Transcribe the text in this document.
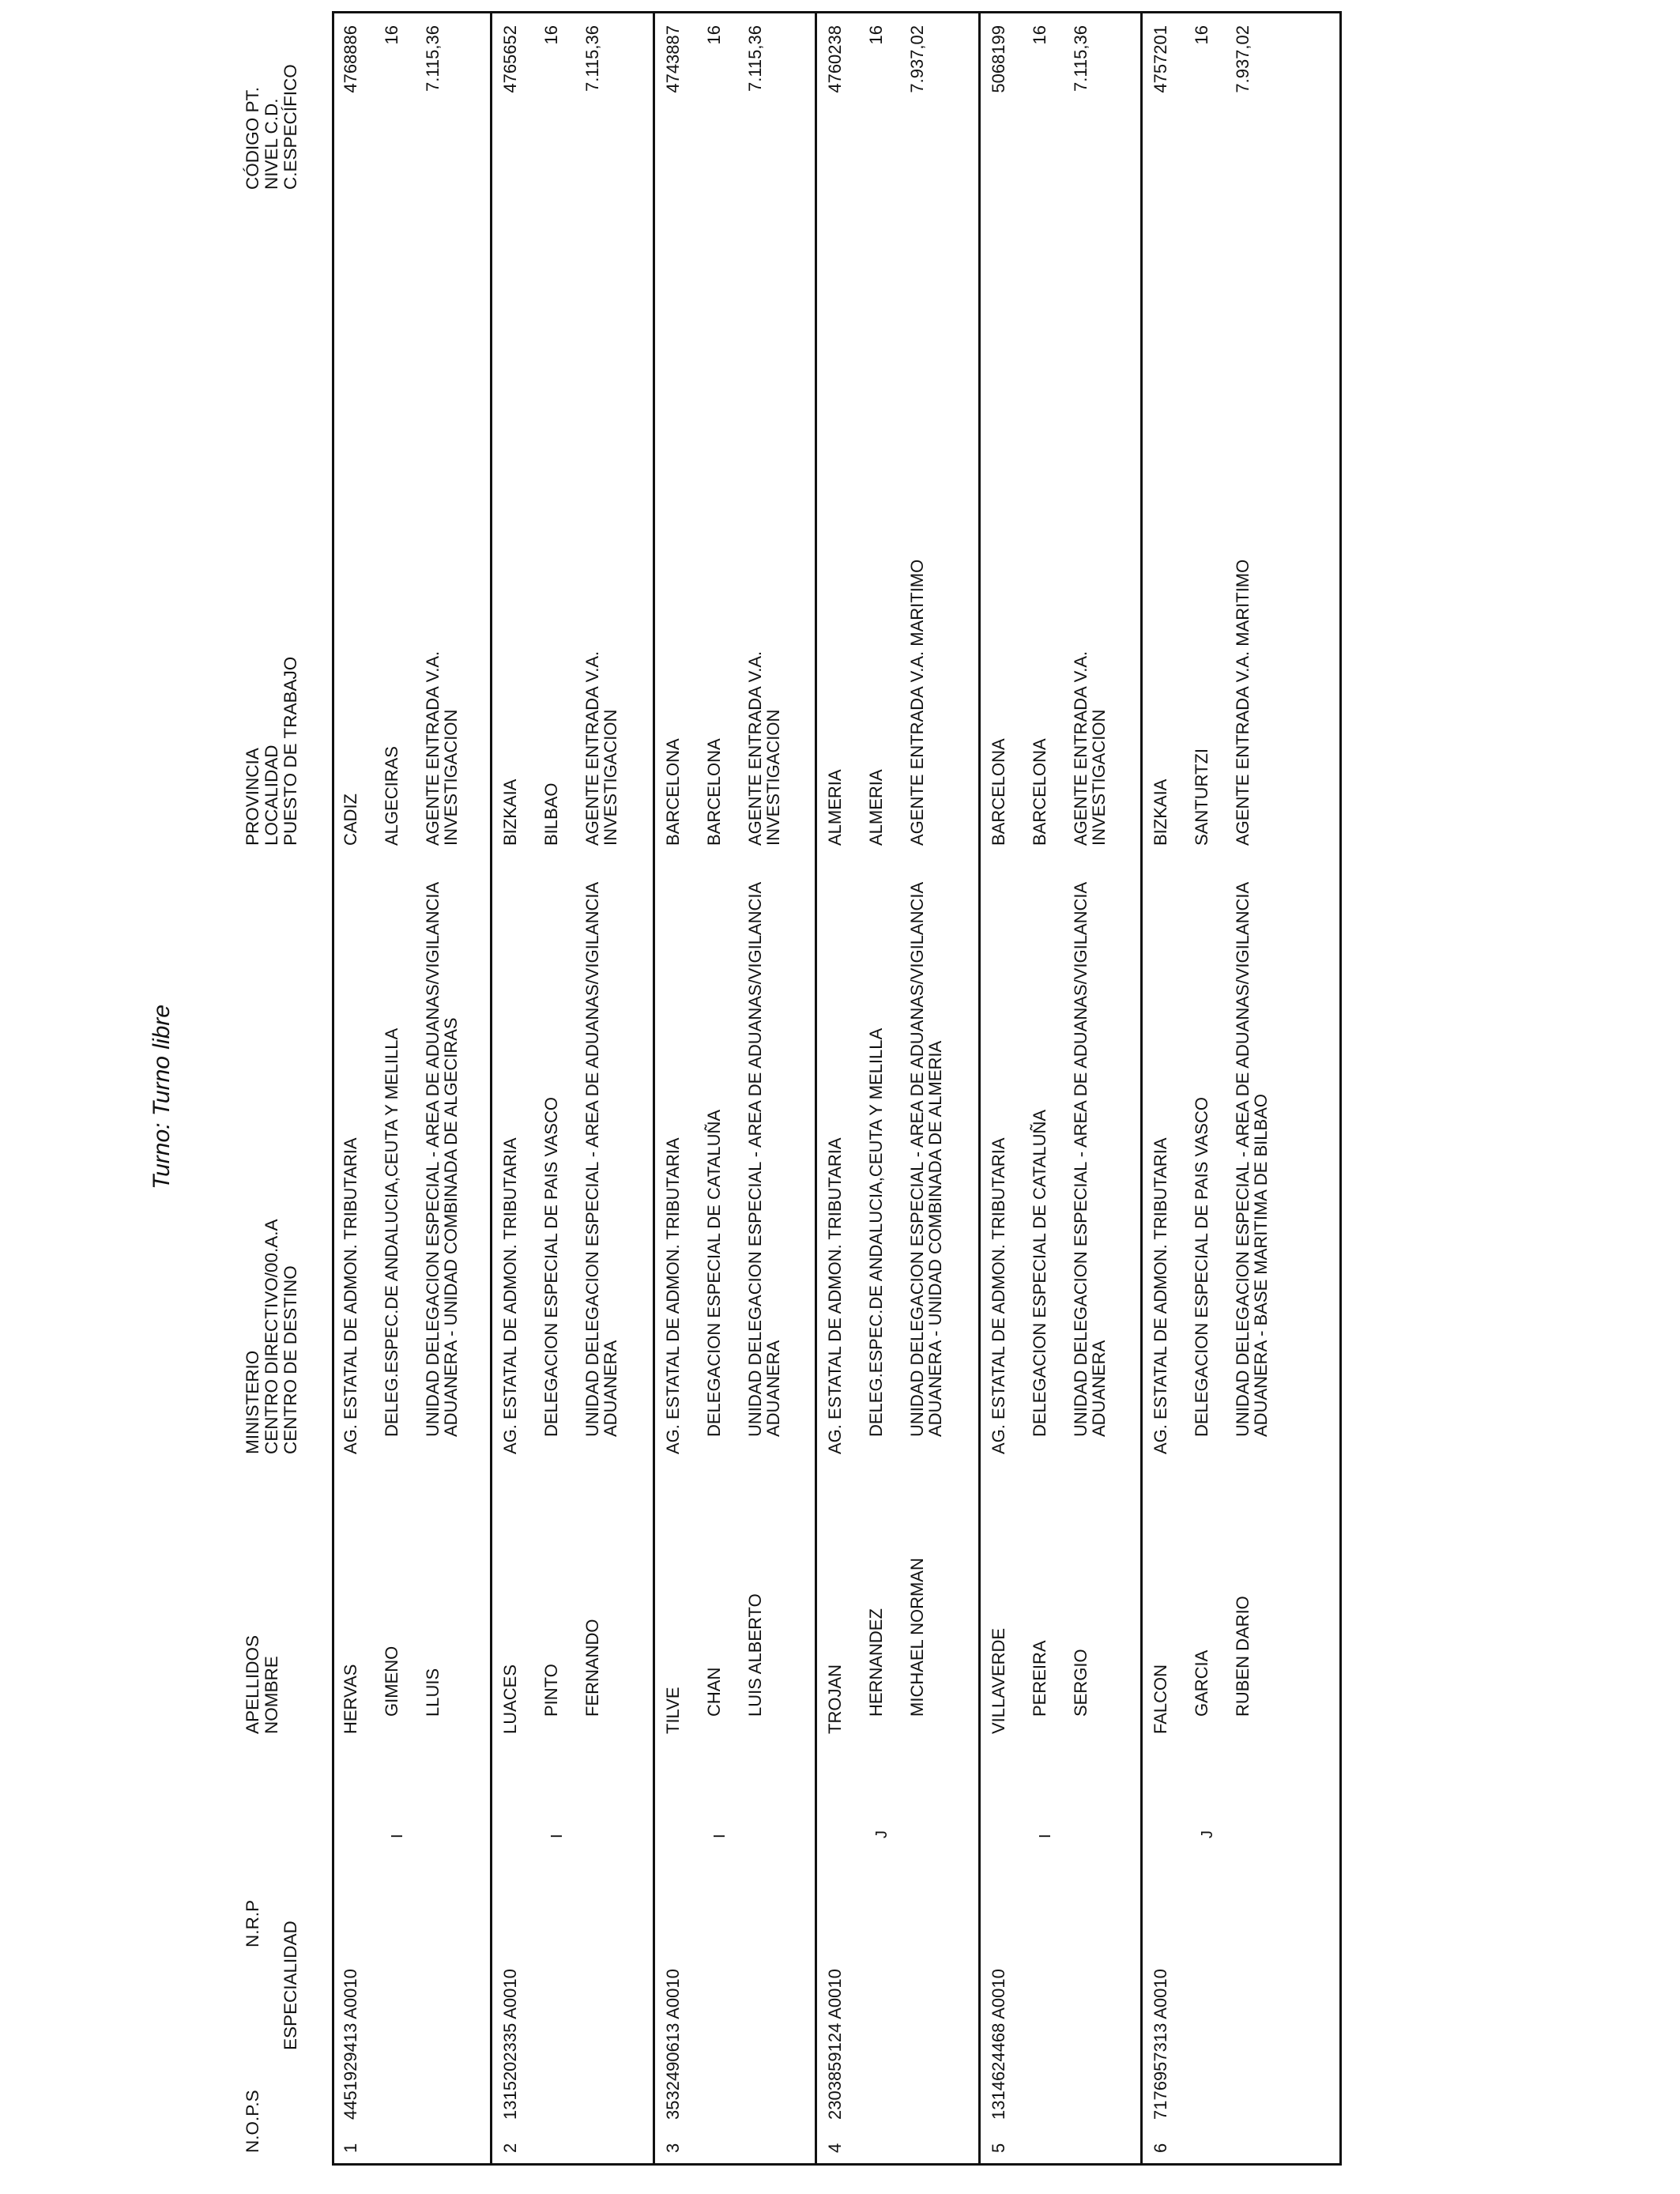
Turno: Turno libre
N.O.P.S
N.R.P ESPECIALIDAD
APELLIDOS NOMBRE
MINISTERIO CENTRO DIRECTIVO/00.A.A CENTRO DE DESTINO
PROVINCIA LOCALIDAD PUESTO DE TRABAJO
CÓDIGO PT. NIVEL C.D. C.ESPECÍFICO
1
4451929413 A0010
I
HERVAS GIMENO LLUIS
AG. ESTATAL DE ADMON. TRIBUTARIA DELEG.ESPEC.DE ANDALUCIA,CEUTA Y MELILLA UNIDAD DELEGACION ESPECIAL - AREA DE ADUANAS/VIGILANCIA
ADUANERA - UNIDAD COMBINADA DE ALGECIRAS
CADIZ ALGECIRAS AGENTE ENTRADA V.A.
INVESTIGACION
4768886 16 7.115,36
2
1315202335 A0010
I
LUACES PINTO FERNANDO
AG. ESTATAL DE ADMON. TRIBUTARIA DELEGACION ESPECIAL DE PAIS VASCO UNIDAD DELEGACION ESPECIAL - AREA DE ADUANAS/VIGILANCIA
ADUANERA
BIZKAIA BILBAO AGENTE ENTRADA V.A.
INVESTIGACION
4765652 16 7.115,36
3
3532490613 A0010
I
TILVE CHAN LUIS ALBERTO
AG. ESTATAL DE ADMON. TRIBUTARIA DELEGACION ESPECIAL DE CATALUÑA UNIDAD DELEGACION ESPECIAL - AREA DE ADUANAS/VIGILANCIA
ADUANERA
BARCELONA BARCELONA AGENTE ENTRADA V.A.
INVESTIGACION
4743887 16 7.115,36
4
2303859124 A0010
J
TROJAN HERNANDEZ MICHAEL NORMAN
AG. ESTATAL DE ADMON. TRIBUTARIA DELEG.ESPEC.DE ANDALUCIA,CEUTA Y MELILLA UNIDAD DELEGACION ESPECIAL - AREA DE ADUANAS/VIGILANCIA
ADUANERA - UNIDAD COMBINADA DE ALMERIA
ALMERIA ALMERIA AGENTE ENTRADA V.A. MARITIMO
4760238 16 7.937,02
5
1314624468 A0010
I
VILLAVERDE PEREIRA SERGIO
AG. ESTATAL DE ADMON. TRIBUTARIA DELEGACION ESPECIAL DE CATALUÑA UNIDAD DELEGACION ESPECIAL - AREA DE ADUANAS/VIGILANCIA
ADUANERA
BARCELONA BARCELONA AGENTE ENTRADA V.A.
INVESTIGACION
5068199 16 7.115,36
6
7176957313 A0010
J
FALCON GARCIA RUBEN DARIO
AG. ESTATAL DE ADMON. TRIBUTARIA DELEGACION ESPECIAL DE PAIS VASCO UNIDAD DELEGACION ESPECIAL - AREA DE ADUANAS/VIGILANCIA
ADUANERA - BASE MARITIMA DE BILBAO
BIZKAIA SANTURTZI AGENTE ENTRADA V.A. MARITIMO
4757201 16 7.937,02
